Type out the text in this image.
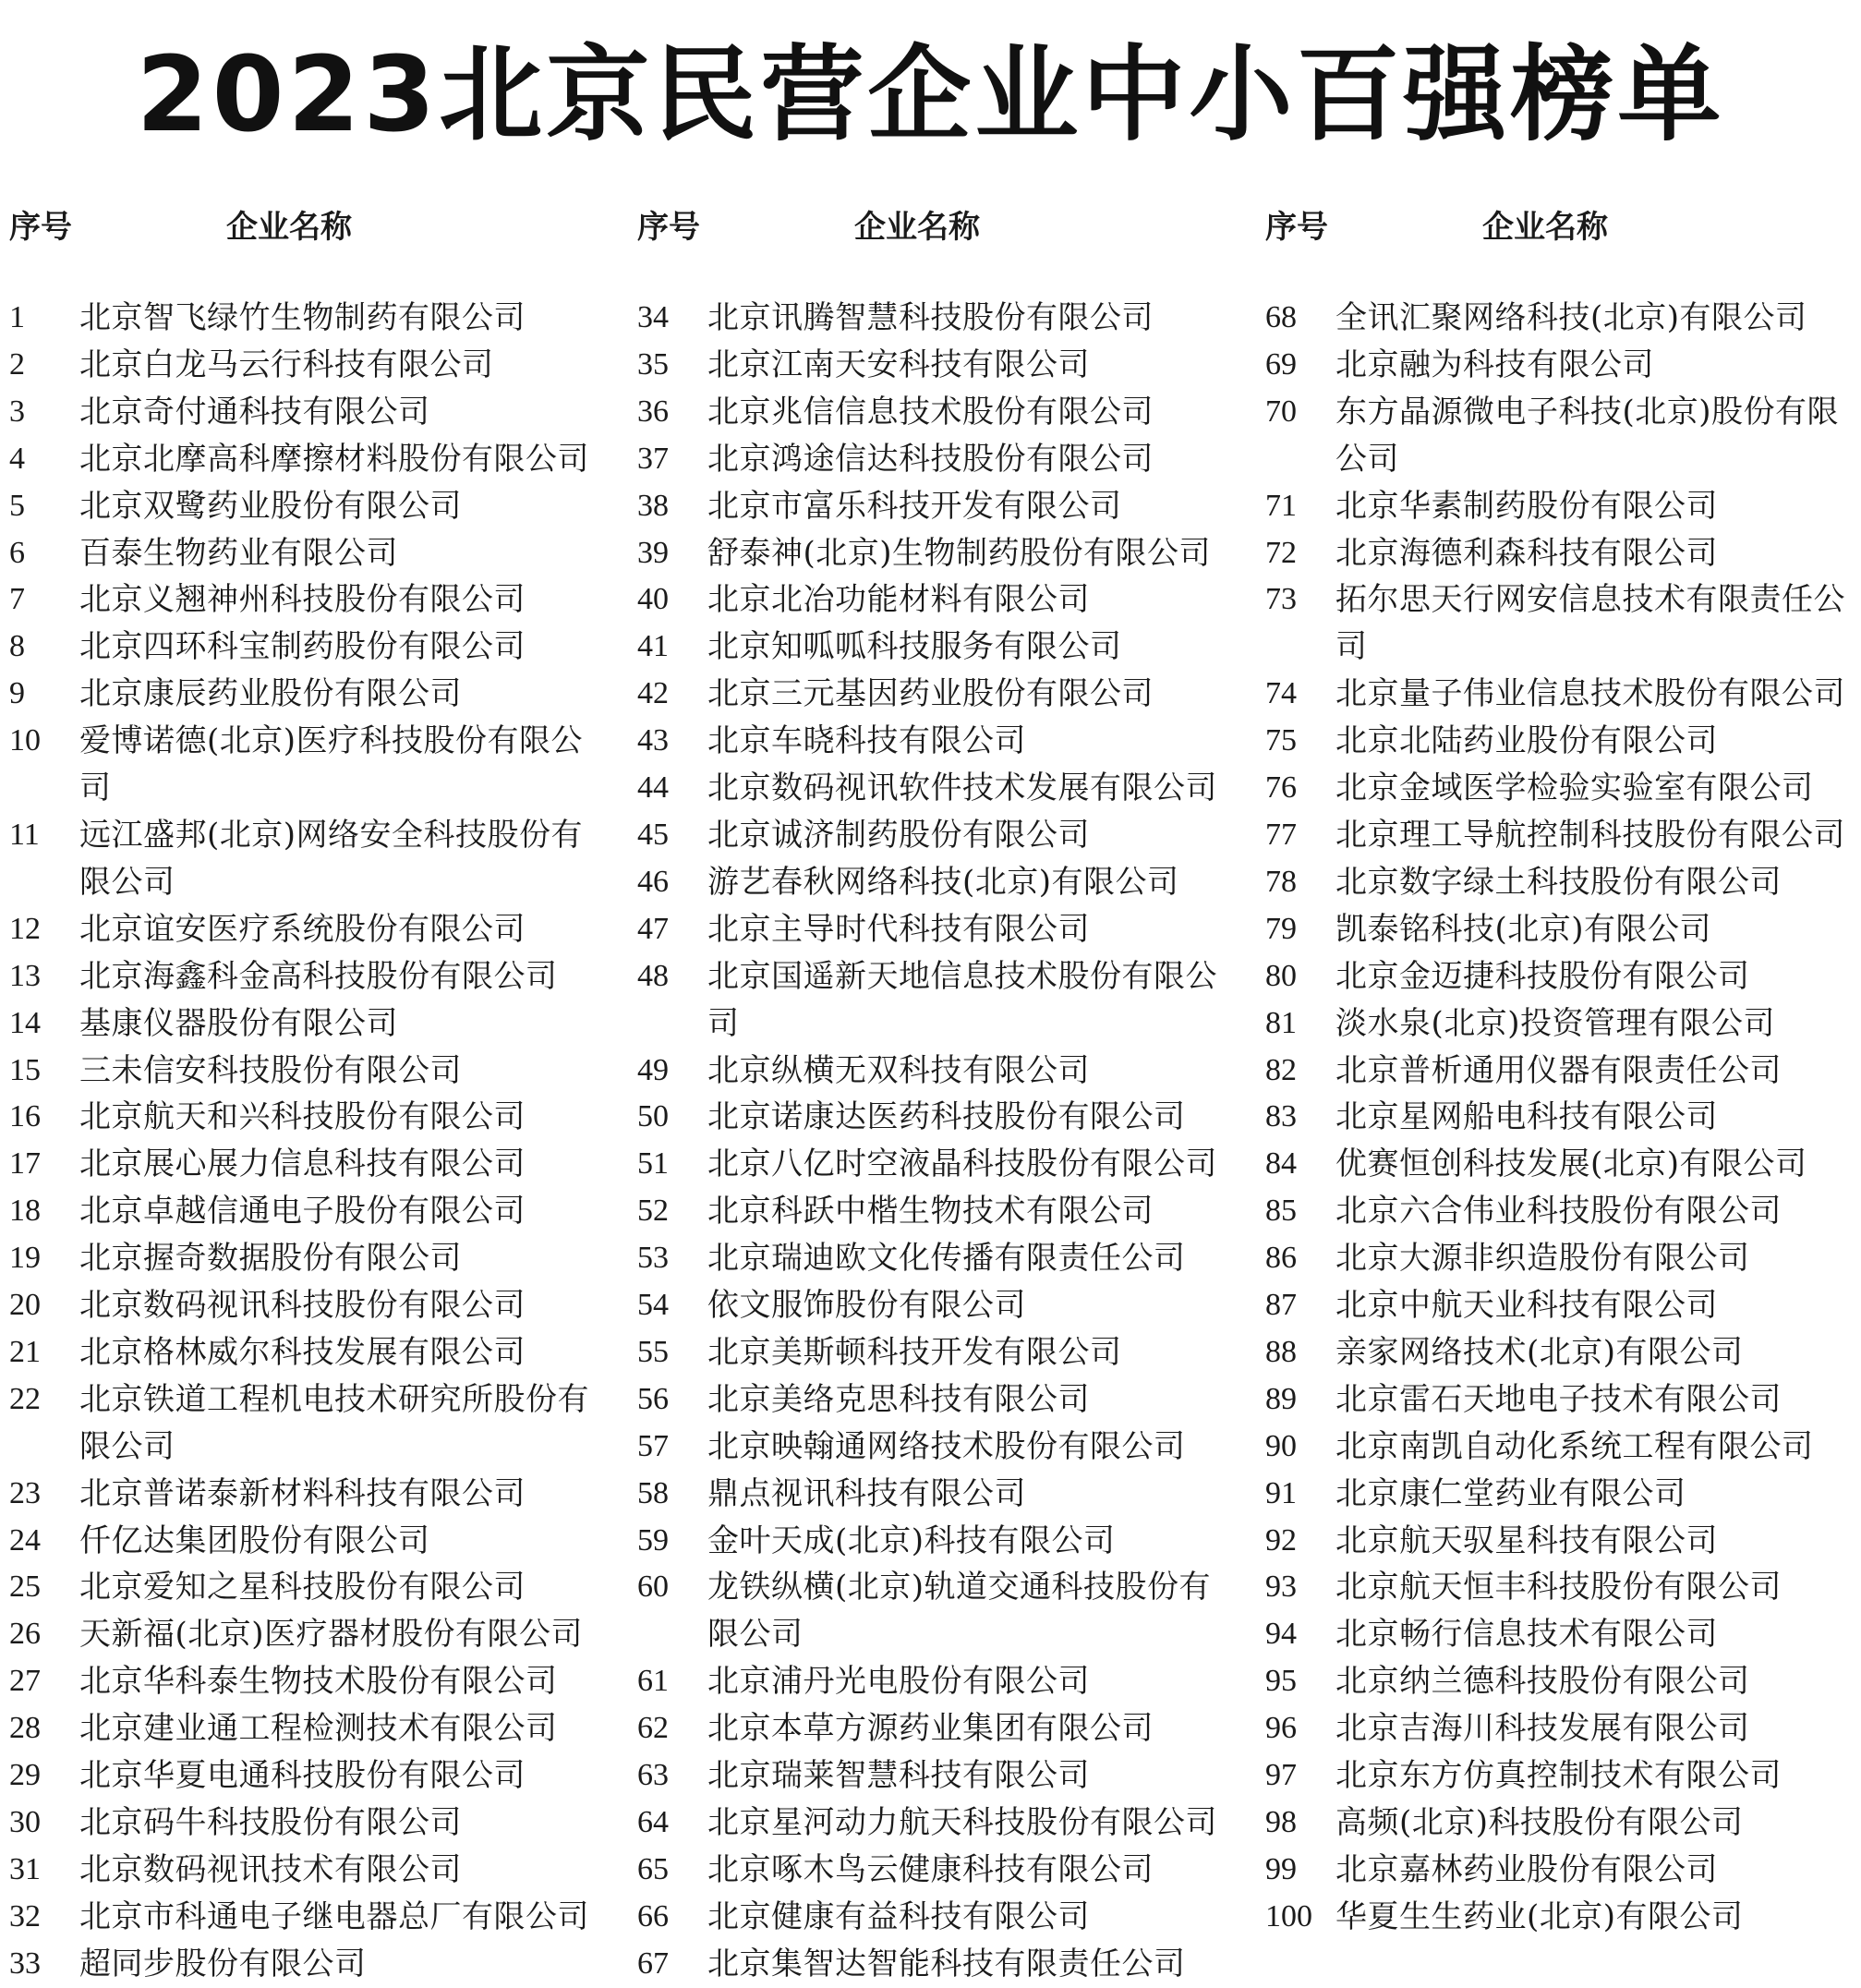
2023北京民营企业中小百强榜单
序号	企业名称
1	北京智飞绿竹生物制药有限公司
2	北京白龙马云行科技有限公司
3	北京奇付通科技有限公司
4	北京北摩高科摩擦材料股份有限公司
5	北京双鹭药业股份有限公司
6	百泰生物药业有限公司
7	北京义翘神州科技股份有限公司
8	北京四环科宝制药股份有限公司
9	北京康辰药业股份有限公司
10	爱博诺德(北京)医疗科技股份有限公司
11	远江盛邦(北京)网络安全科技股份有限公司
12	北京谊安医疗系统股份有限公司
13	北京海鑫科金高科技股份有限公司
14	基康仪器股份有限公司
15	三未信安科技股份有限公司
16	北京航天和兴科技股份有限公司
17	北京展心展力信息科技有限公司
18	北京卓越信通电子股份有限公司
19	北京握奇数据股份有限公司
20	北京数码视讯科技股份有限公司
21	北京格林威尔科技发展有限公司
22	北京铁道工程机电技术研究所股份有限公司
23	北京普诺泰新材料科技有限公司
24	仟亿达集团股份有限公司
25	北京爱知之星科技股份有限公司
26	天新福(北京)医疗器材股份有限公司
27	北京华科泰生物技术股份有限公司
28	北京建业通工程检测技术有限公司
29	北京华夏电通科技股份有限公司
30	北京码牛科技股份有限公司
31	北京数码视讯技术有限公司
32	北京市科通电子继电器总厂有限公司
33	超同步股份有限公司
序号	企业名称
34	北京讯腾智慧科技股份有限公司
35	北京江南天安科技有限公司
36	北京兆信信息技术股份有限公司
37	北京鸿途信达科技股份有限公司
38	北京市富乐科技开发有限公司
39	舒泰神(北京)生物制药股份有限公司
40	北京北冶功能材料有限公司
41	北京知呱呱科技服务有限公司
42	北京三元基因药业股份有限公司
43	北京车晓科技有限公司
44	北京数码视讯软件技术发展有限公司
45	北京诚济制药股份有限公司
46	游艺春秋网络科技(北京)有限公司
47	北京主导时代科技有限公司
48	北京国遥新天地信息技术股份有限公司
49	北京纵横无双科技有限公司
50	北京诺康达医药科技股份有限公司
51	北京八亿时空液晶科技股份有限公司
52	北京科跃中楷生物技术有限公司
53	北京瑞迪欧文化传播有限责任公司
54	依文服饰股份有限公司
55	北京美斯顿科技开发有限公司
56	北京美络克思科技有限公司
57	北京映翰通网络技术股份有限公司
58	鼎点视讯科技有限公司
59	金叶天成(北京)科技有限公司
60	龙铁纵横(北京)轨道交通科技股份有限公司
61	北京浦丹光电股份有限公司
62	北京本草方源药业集团有限公司
63	北京瑞莱智慧科技有限公司
64	北京星河动力航天科技股份有限公司
65	北京啄木鸟云健康科技有限公司
66	北京健康有益科技有限公司
67	北京集智达智能科技有限责任公司
序号	企业名称
68	全讯汇聚网络科技(北京)有限公司
69	北京融为科技有限公司
70	东方晶源微电子科技(北京)股份有限公司
71	北京华素制药股份有限公司
72	北京海德利森科技有限公司
73	拓尔思天行网安信息技术有限责任公司
74	北京量子伟业信息技术股份有限公司
75	北京北陆药业股份有限公司
76	北京金域医学检验实验室有限公司
77	北京理工导航控制科技股份有限公司
78	北京数字绿土科技股份有限公司
79	凯泰铭科技(北京)有限公司
80	北京金迈捷科技股份有限公司
81	淡水泉(北京)投资管理有限公司
82	北京普析通用仪器有限责任公司
83	北京星网船电科技有限公司
84	优赛恒创科技发展(北京)有限公司
85	北京六合伟业科技股份有限公司
86	北京大源非织造股份有限公司
87	北京中航天业科技有限公司
88	亲家网络技术(北京)有限公司
89	北京雷石天地电子技术有限公司
90	北京南凯自动化系统工程有限公司
91	北京康仁堂药业有限公司
92	北京航天驭星科技有限公司
93	北京航天恒丰科技股份有限公司
94	北京畅行信息技术有限公司
95	北京纳兰德科技股份有限公司
96	北京吉海川科技发展有限公司
97	北京东方仿真控制技术有限公司
98	高频(北京)科技股份有限公司
99	北京嘉林药业股份有限公司
100 华夏生生药业(北京)有限公司
